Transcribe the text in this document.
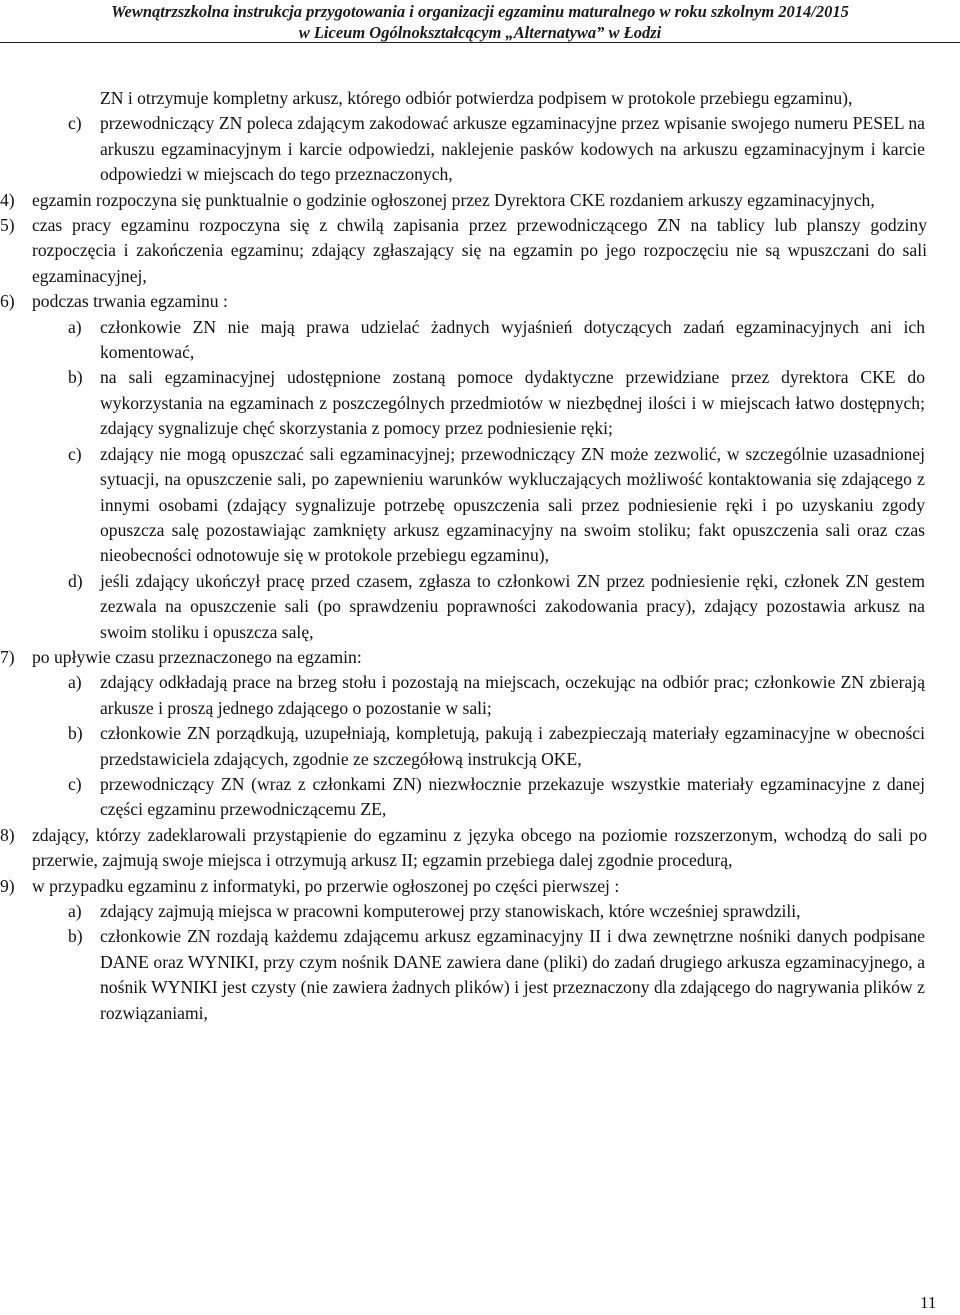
Wewnątrzszkolna instrukcja przygotowania i organizacji egzaminu maturalnego w roku szkolnym 2014/2015
w Liceum Ogólnokształcącym „Alternatywa” w Łodzi
ZN i otrzymuje kompletny arkusz, którego odbiór potwierdza podpisem w protokole przebiegu egzaminu),
c) przewodniczący ZN poleca zdającym zakodować arkusze egzaminacyjne przez wpisanie swojego numeru PESEL na arkuszu egzaminacyjnym i karcie odpowiedzi, naklejenie pasków kodowych na arkuszu egzaminacyjnym i karcie odpowiedzi w miejscach do tego przeznaczonych,
4) egzamin rozpoczyna się punktualnie o godzinie ogłoszonej przez Dyrektora CKE rozdaniem arkuszy egzaminacyjnych,
5) czas pracy egzaminu rozpoczyna się z chwilą zapisania przez przewodniczącego ZN na tablicy lub planszy godziny rozpoczęcia i zakończenia egzaminu; zdający zgłaszający się na egzamin po jego rozpoczęciu nie są wpuszczani do sali egzaminacyjnej,
6) podczas trwania egzaminu :
a) członkowie ZN nie mają prawa udzielać żadnych wyjaśnień dotyczących zadań egzaminacyjnych ani ich komentować,
b) na sali egzaminacyjnej udostępnione zostaną pomoce dydaktyczne przewidziane przez dyrektora CKE do wykorzystania na egzaminach z poszczególnych przedmiotów w niezbędnej ilości i w miejscach łatwo dostępnych; zdający sygnalizuje chęć skorzystania z pomocy przez podniesienie ręki;
c) zdający nie mogą opuszczać sali egzaminacyjnej; przewodniczący ZN może zezwolić, w szczególnie uzasadnionej sytuacji, na opuszczenie sali, po zapewnieniu warunków wykluczających możliwość kontaktowania się zdającego z innymi osobami (zdający sygnalizuje potrzebę opuszczenia sali przez podniesienie ręki i po uzyskaniu zgody opuszcza salę pozostawiając zamknięty arkusz egzaminacyjny na swoim stoliku; fakt opuszczenia sali oraz czas nieobecności odnotowuje się w protokole przebiegu egzaminu),
d) jeśli zdający ukończył pracę przed czasem, zgłasza to członkowi ZN przez podniesienie ręki, członek ZN gestem zezwala na opuszczenie sali (po sprawdzeniu poprawności zakodowania pracy), zdający pozostawia arkusz na swoim stoliku i opuszcza salę,
7) po upływie czasu przeznaczonego na egzamin:
a) zdający odkładają prace na brzeg stołu i pozostają na miejscach, oczekując na odbiór prac; członkowie ZN zbierają arkusze i proszą jednego zdającego o pozostanie w sali;
b) członkowie ZN porządkują, uzupełniają, kompletują, pakują i zabezpieczają materiały egzaminacyjne w obecności przedstawiciela zdających, zgodnie ze szczegółową instrukcją OKE,
c) przewodniczący ZN (wraz z członkami ZN) niezwłocznie przekazuje wszystkie materiały egzaminacyjne z danej części egzaminu przewodniczącemu ZE,
8) zdający, którzy zadeklarowali przystąpienie do egzaminu z języka obcego na poziomie rozszerzonym, wchodzą do sali po przerwie, zajmują swoje miejsca i otrzymują arkusz II; egzamin przebiega dalej zgodnie procedurą,
9) w przypadku egzaminu z informatyki, po przerwie ogłoszonej po części pierwszej :
a) zdający zajmują miejsca w pracowni komputerowej przy stanowiskach, które wcześniej sprawdzili,
b) członkowie ZN rozdają każdemu zdającemu arkusz egzaminacyjny II i dwa zewnętrzne nośniki danych podpisane DANE oraz WYNIKI, przy czym nośnik DANE zawiera dane (pliki) do zadań drugiego arkusza egzaminacyjnego, a nośnik WYNIKI jest czysty (nie zawiera żadnych plików) i jest przeznaczony dla zdającego do nagrywania plików z rozwiązaniami,
11
